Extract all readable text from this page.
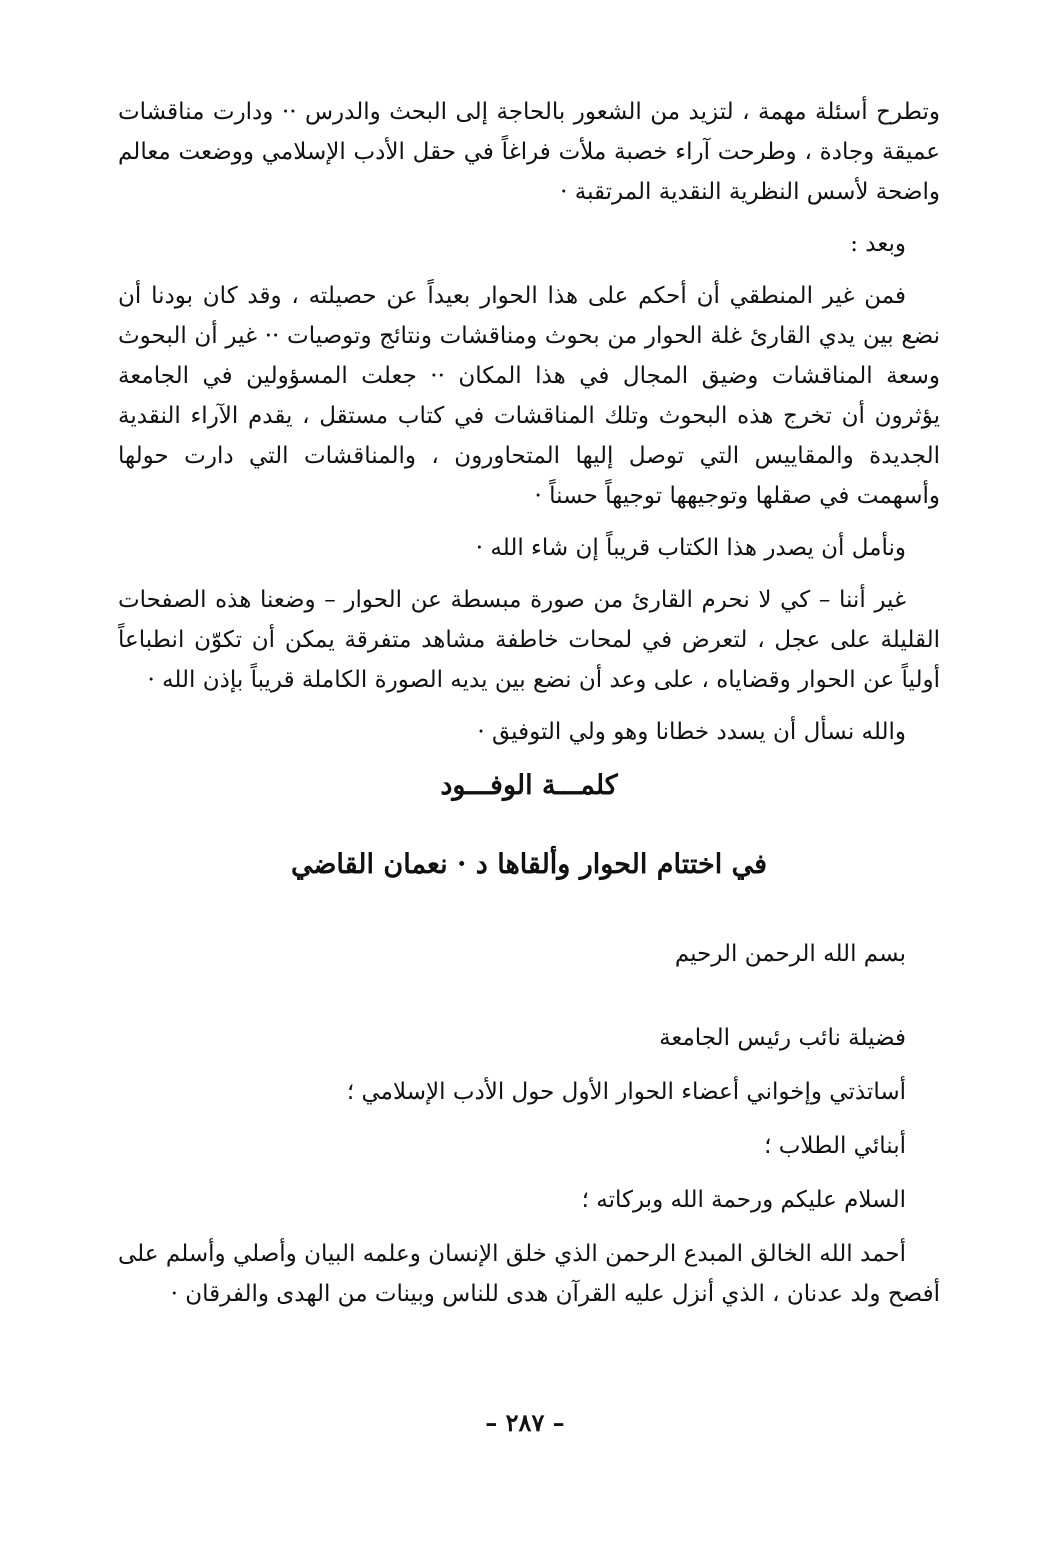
وتطرح أسئلة مهمة ، لتزيد من الشعور بالحاجة إلى البحث والدرس ·· ودارت مناقشات عميقة وجادة ، وطرحت آراء خصبة ملأت فراغاً في حقل الأدب الإسلامي ووضعت معالم واضحة لأسس النظرية النقدية المرتقبة ·

وبعد :

فمن غير المنطقي أن أحكم على هذا الحوار بعيداً عن حصيلته ، وقد كان بودنا أن نضع بين يدي القارئ غلة الحوار من بحوث ومناقشات ونتائج وتوصيات ·· غير أن البحوث وسعة المناقشات وضيق المجال في هذا المكان ·· جعلت المسؤولين في الجامعة يؤثرون أن تخرج هذه البحوث وتلك المناقشات في كتاب مستقل ، يقدم الآراء النقدية الجديدة والمقاييس التي توصل إليها المتحاورون ، والمناقشات التي دارت حولها وأسهمت في صقلها وتوجيهها توجيهاً حسناً ·

ونأمل أن يصدر هذا الكتاب قريباً إن شاء الله ·

غير أننا – كي لا نحرم القارئ من صورة مبسطة عن الحوار – وضعنا هذه الصفحات القليلة على عجل ، لتعرض في لمحات خاطفة مشاهد متفرقة يمكن أن تكوّن انطباعاً أولياً عن الحوار وقضاياه ، على وعد أن نضع بين يديه الصورة الكاملة قريباً بإذن الله ·

والله نسأل أن يسدد خطانا وهو ولي التوفيق ·

كلمـــة الوفـــود
في اختتام الحوار وألقاها د · نعمان القاضي

بسم الله الرحمن الرحيم

فضيلة نائب رئيس الجامعة

أساتذتي وإخواني أعضاء الحوار الأول حول الأدب الإسلامي ؛

أبنائي الطلاب ؛

السلام عليكم ورحمة الله وبركاته ؛

أحمد الله الخالق المبدع الرحمن الذي خلق الإنسان وعلمه البيان وأصلي وأسلم على أفصح ولد عدنان ، الذي أنزل عليه القرآن هدى للناس وبينات من الهدى والفرقان ·

– ٢٨٧ –
